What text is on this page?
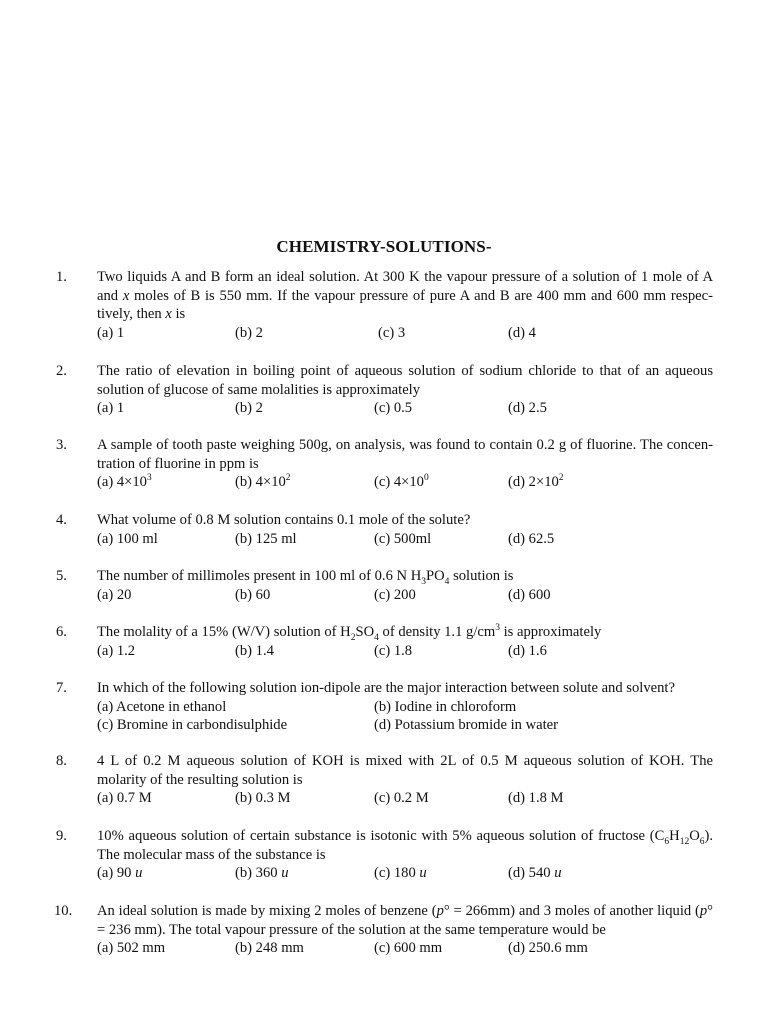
CHEMISTRY-SOLUTIONS-
1. Two liquids A and B form an ideal solution. At 300 K the vapour pressure of a solution of 1 mole of A and x moles of B is 550 mm. If the vapour pressure of pure A and B are 400 mm and 600 mm respec-tively, then x is
(a) 1	(b) 2	(c) 3	(d) 4
2. The ratio of elevation in boiling point of aqueous solution of sodium chloride to that of an aqueous solution of glucose of same molalities is approximately
(a) 1	(b) 2	(c) 0.5	(d) 2.5
3. A sample of tooth paste weighing 500g, on analysis, was found to contain 0.2 g of fluorine. The concen-tration of fluorine in ppm is
(a) $4\times 10^3$	(b) $4\times 10^2$	(c) $4\times 10^0$	(d) $2\times 10^2$
4. What volume of 0.8 M solution contains 0.1 mole of the solute?
(a) 100 ml	(b) 125 ml	(c) 500ml	(d) 62.5
5. The number of millimoles present in 100 ml of 0.6 N $H_3PO_4$ solution is
(a) 20	(b) 60	(c) 200	(d) 600
6. The molality of a 15% (W/V) solution of $H_2SO_4$ of density 1.1 $g/cm^3$ is approximately
(a) 1.2	(b) 1.4	(c) 1.8	(d) 1.6
7. In which of the following solution ion-dipole are the major interaction between solute and solvent?
(a) Acetone in ethanol	(b) Iodine in chloroform
(c) Bromine in carbondisulphide	(d) Potassium bromide in water
8. 4 L of 0.2 M aqueous solution of KOH is mixed with 2L of 0.5 M aqueous solution of KOH. The molarity of the resulting solution is
(a) 0.7 M	(b) 0.3 M	(c) 0.2 M	(d) 1.8 M
9. 10% aqueous solution of certain substance is isotonic with 5% aqueous solution of fructose $(C_6H_{12}O_6)$. The molecular mass of the substance is
(a) 90 u	(b) 360 u	(c) 180 u	(d) 540 u
10. An ideal solution is made by mixing 2 moles of benzene (p° = 266mm) and 3 moles of another liquid (p° = 236 mm). The total vapour pressure of the solution at the same temperature would be
(a) 502 mm	(b) 248 mm	(c) 600 mm	(d) 250.6 mm
